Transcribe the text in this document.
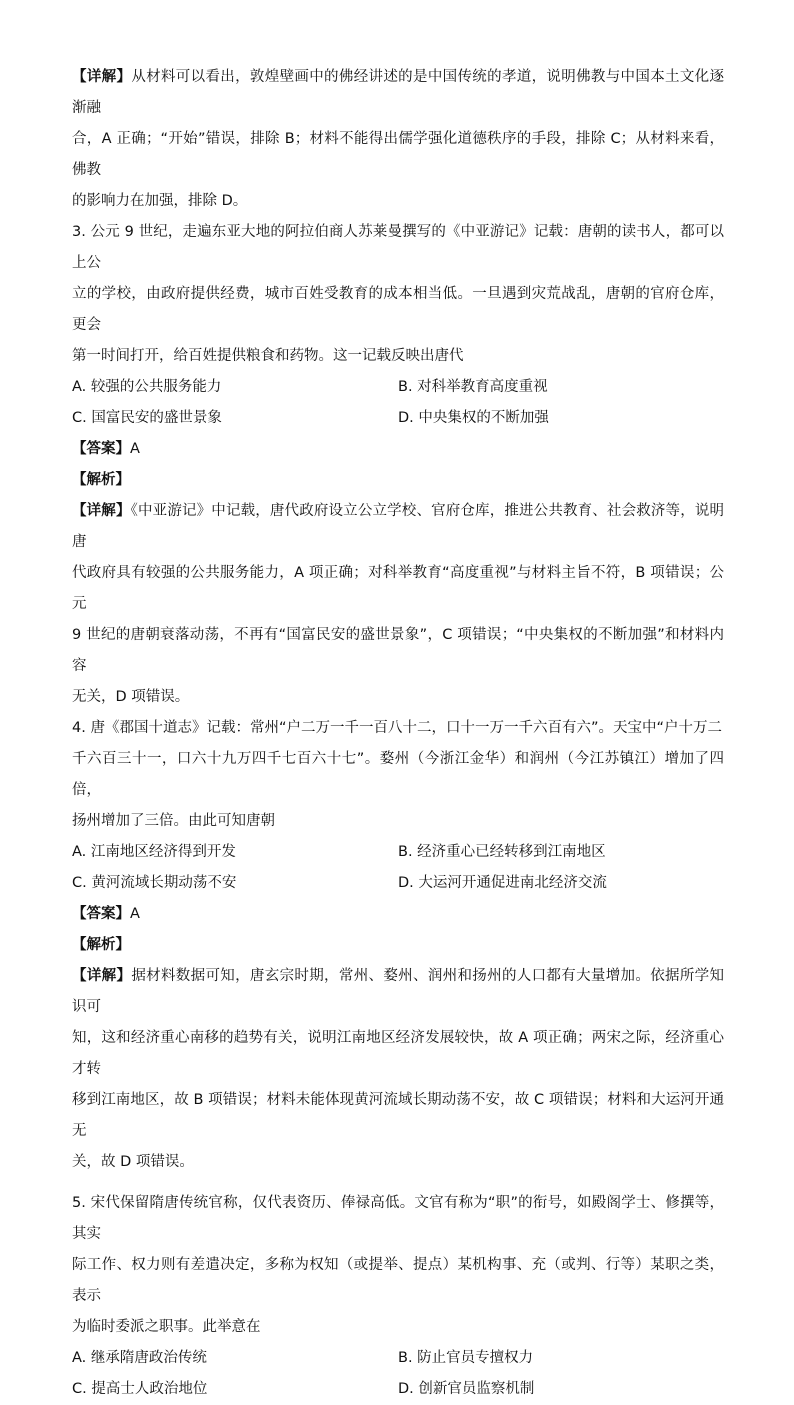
【详解】从材料可以看出，敦煌壁画中的佛经讲述的是中国传统的孝道，说明佛教与中国本土文化逐渐融

合，A 正确；“开始”错误，排除 B；材料不能得出儒学强化道德秩序的手段，排除 C；从材料来看，佛教

的影响力在加强，排除 D。

3. 公元 9 世纪，走遍东亚大地的阿拉伯商人苏莱曼撰写的《中亚游记》记载：唐朝的读书人，都可以上公

立的学校，由政府提供经费，城市百姓受教育的成本相当低。一旦遇到灾荒战乱，唐朝的官府仓库，更会

第一时间打开，给百姓提供粮食和药物。这一记载反映出唐代

A. 较强的公共服务能力	B. 对科举教育高度重视
C. 国富民安的盛世景象	D. 中央集权的不断加强

【答案】A

【解析】

【详解】《中亚游记》中记载，唐代政府设立公立学校、官府仓库，推进公共教育、社会救济等，说明唐

代政府具有较强的公共服务能力，A 项正确；对科举教育“高度重视”与材料主旨不符，B 项错误；公元

9 世纪的唐朝衰落动荡，不再有“国富民安的盛世景象”，C 项错误；“中央集权的不断加强”和材料内容

无关，D 项错误。

4. 唐《郡国十道志》记载：常州“户二万一千一百八十二，口十一万一千六百有六”。天宝中“户十万二

千六百三十一，口六十九万四千七百六十七”。婺州（今浙江金华）和润州（今江苏镇江）增加了四倍，

扬州增加了三倍。由此可知唐朝

A. 江南地区经济得到开发	B. 经济重心已经转移到江南地区
C. 黄河流域长期动荡不安	D. 大运河开通促进南北经济交流

【答案】A

【解析】

【详解】据材料数据可知，唐玄宗时期，常州、婺州、润州和扬州的人口都有大量增加。依据所学知识可

知，这和经济重心南移的趋势有关，说明江南地区经济发展较快，故 A 项正确；两宋之际，经济重心才转

移到江南地区，故 B 项错误；材料未能体现黄河流域长期动荡不安，故 C 项错误；材料和大运河开通无

关，故 D 项错误。

5. 宋代保留隋唐传统官称，仅代表资历、俸禄高低。文官有称为“职”的衔号，如殿阁学士、修撰等，其实

际工作、权力则有差遣决定，多称为权知（或提举、提点）某机构事、充（或判、行等）某职之类，表示

为临时委派之职事。此举意在

A. 继承隋唐政治传统	B. 防止官员专擅权力
C. 提高士人政治地位	D. 创新官员监察机制
